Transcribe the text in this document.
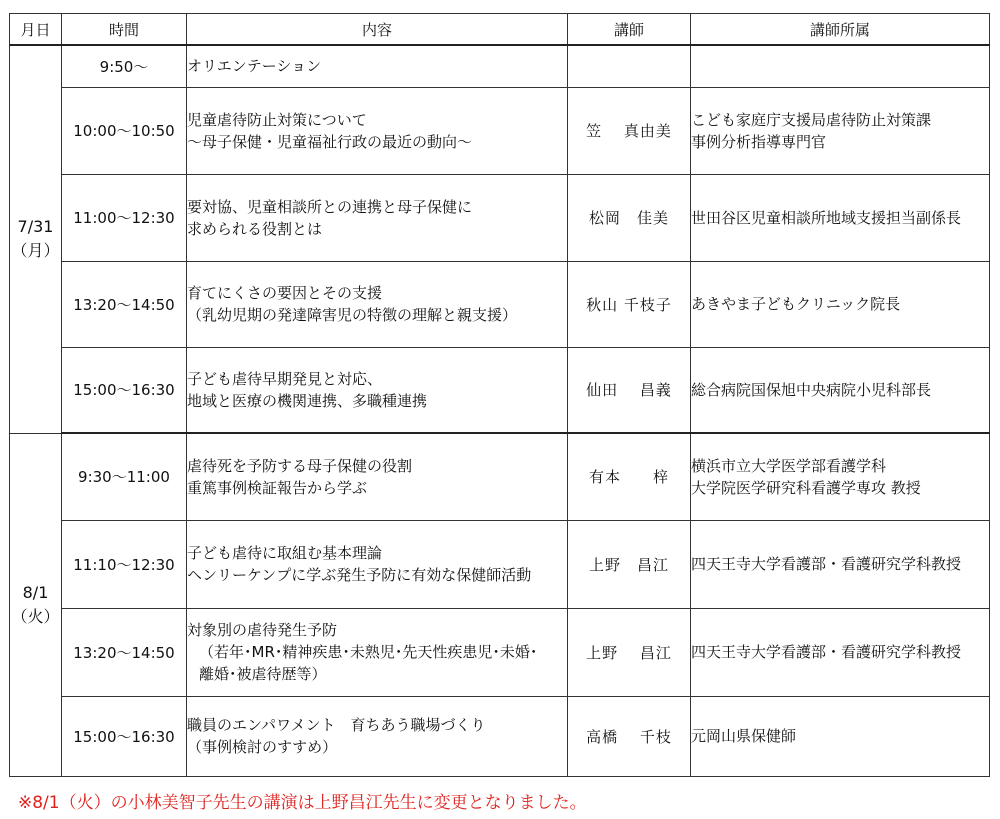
月日	時間	内容	講師	講師所属
7/31
（月）	9:50～	オリエンテーション		

	10:00～10:50	児童虐待防止対策について
～母子保健・児童福祉行政の最近の動向～	笠　 真由美	こども家庭庁支援局虐待防止対策課
事例分析指導専門官

	11:00～12:30	要対協、児童相談所との連携と母子保健に
求められる役割とは	松岡　佳美	世田谷区児童相談所地域支援担当副係長

	13:20～14:50	育てにくさの要因とその支援
（乳幼児期の発達障害児の特徴の理解と親支援）	秋山 千枝子	あきやま子どもクリニック院長

	15:00～16:30	子ども虐待早期発見と対応、
地域と医療の機関連携、多職種連携	仙田　 昌義	総合病院国保旭中央病院小児科部長

8/1
（火）	9:30～11:00	虐待死を予防する母子保健の役割
重篤事例検証報告から学ぶ	有本　　梓	横浜市立大学医学部看護学科
大学院医学研究科看護学専攻 教授

	11:10～12:30	子ども虐待に取組む基本理論
ヘンリーケンプに学ぶ発生予防に有効な保健師活動	上野　昌江	四天王寺大学看護部・看護研究学科教授

	13:20～14:50	対象別の虐待発生予防
（若年･MR･精神疾患･未熟児･先天性疾患児･未婚･
離婚･被虐待歴等）	上野　 昌江	四天王寺大学看護部・看護研究学科教授

	15:00～16:30	職員のエンパワメント　育ちあう職場づくり
（事例検討のすすめ）	高橋　 千枝	元岡山県保健師
※8/1（火）の小林美智子先生の講演は上野昌江先生に変更となりました。
